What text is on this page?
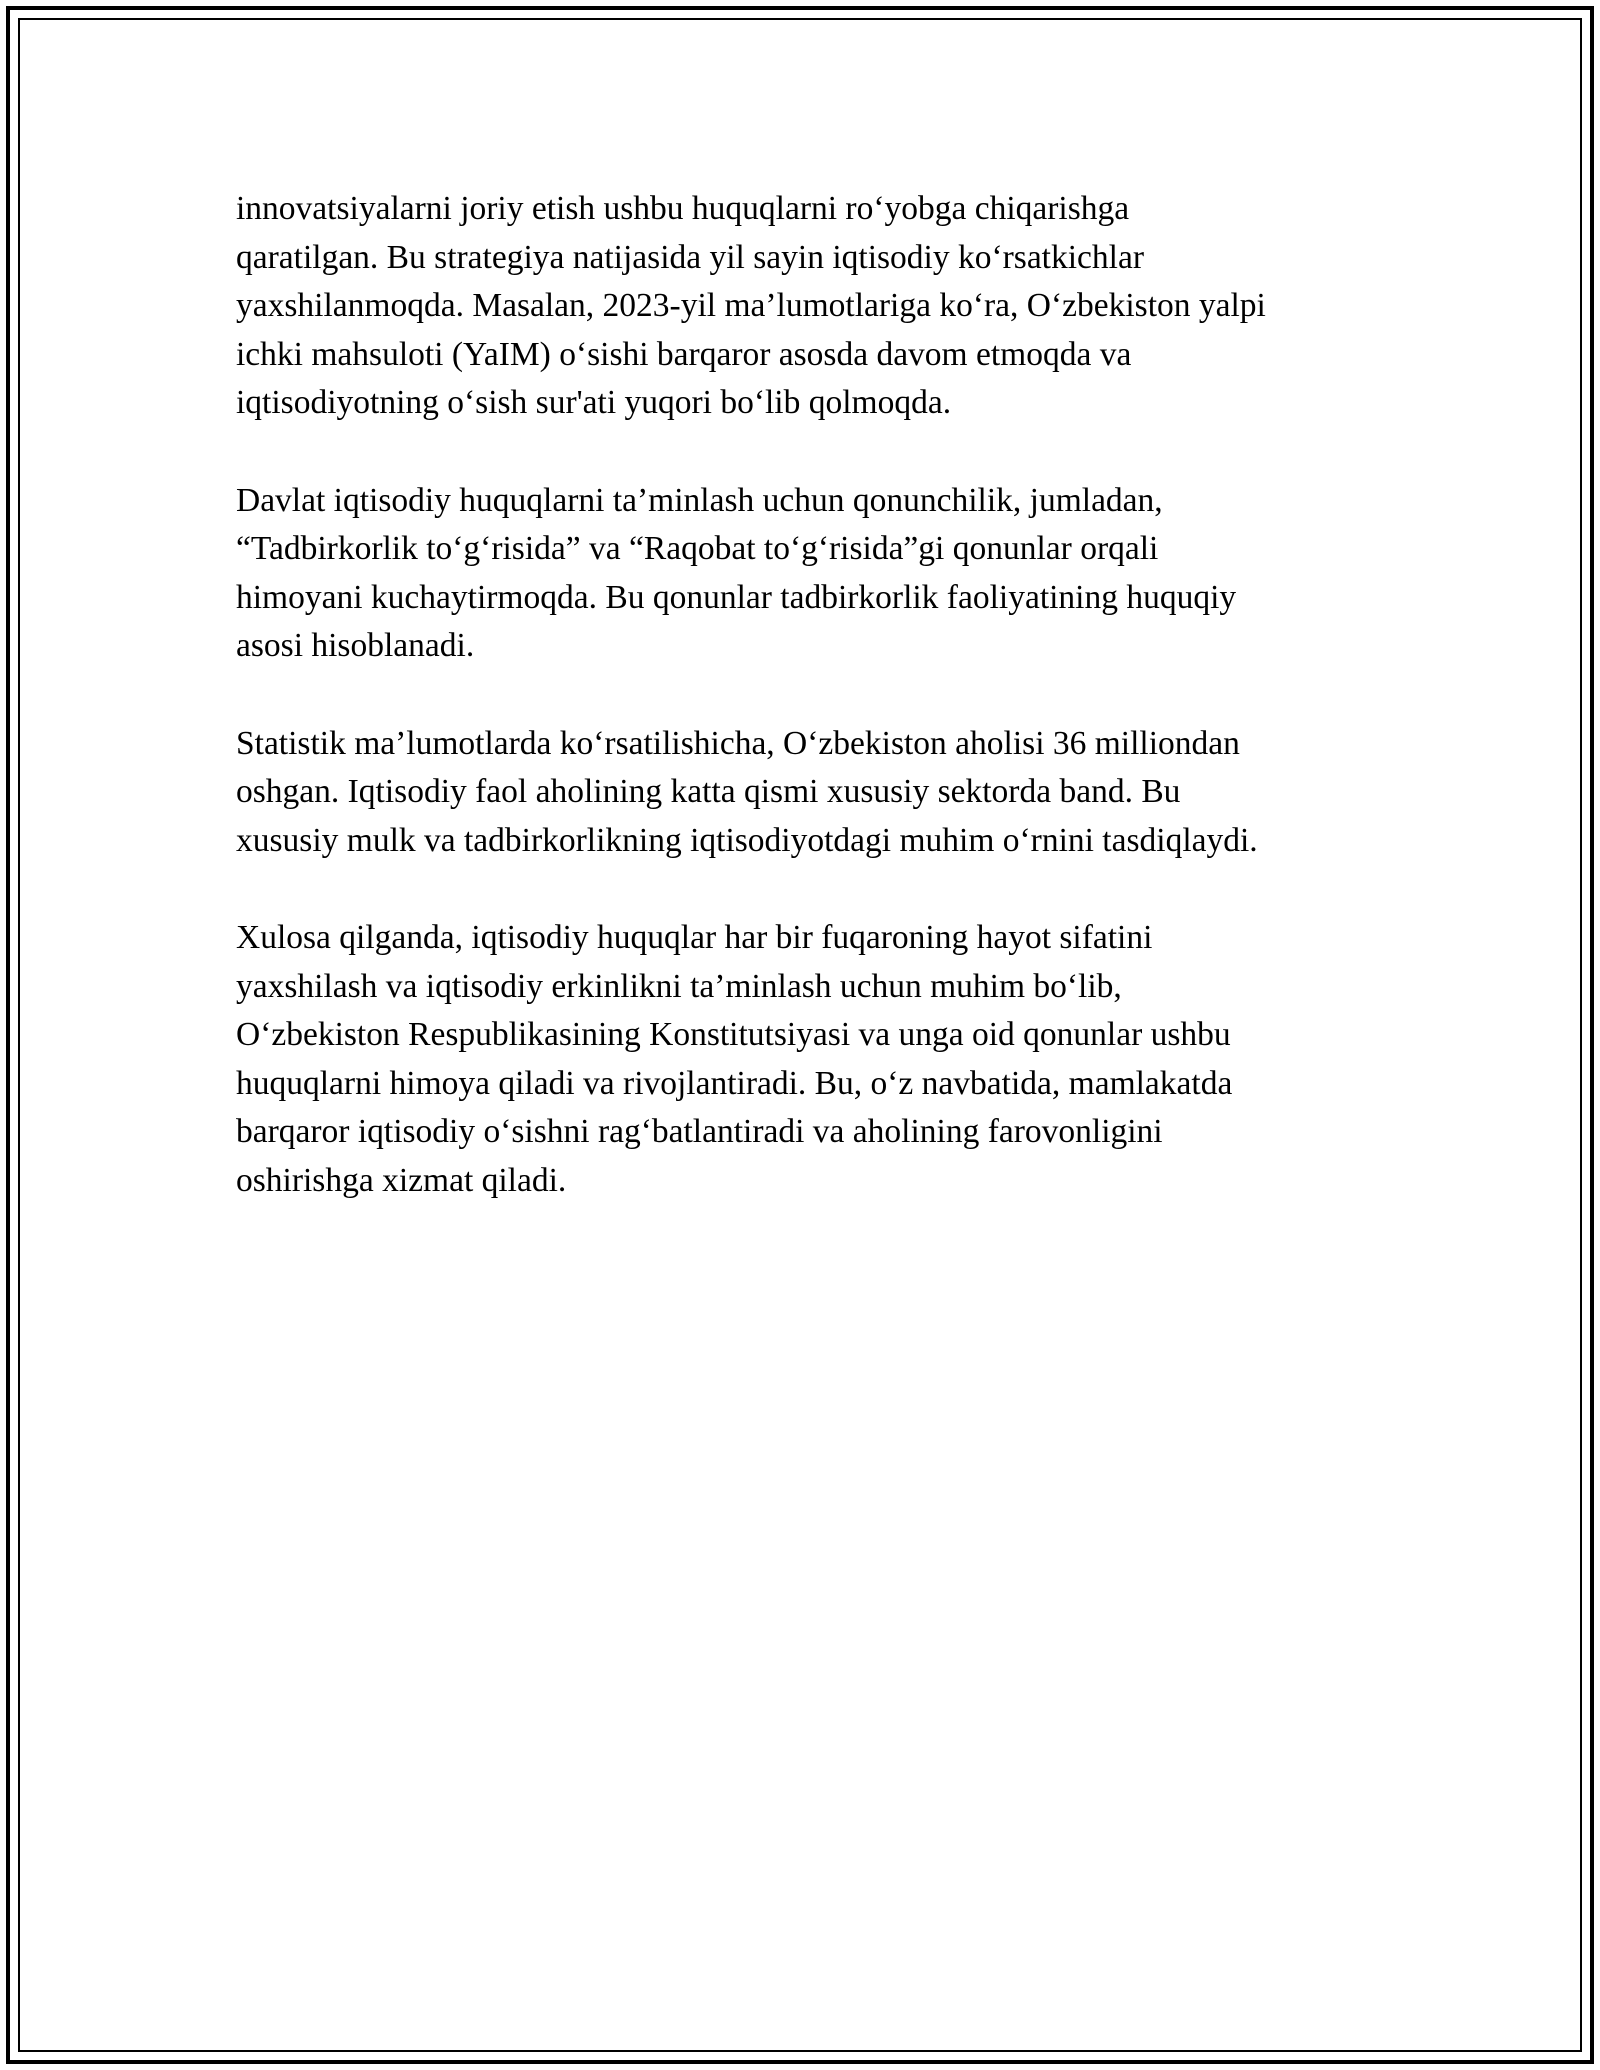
innovatsiyalarni joriy etish ushbu huquqlarni ro‘yobga chiqarishga
qaratilgan. Bu strategiya natijasida yil sayin iqtisodiy ko‘rsatkichlar
yaxshilanmoqda. Masalan, 2023-yil ma’lumotlariga ko‘ra, O‘zbekiston yalpi
ichki mahsuloti (YaIM) o‘sishi barqaror asosda davom etmoqda va
iqtisodiyotning o‘sish sur'ati yuqori bo‘lib qolmoqda.

Davlat iqtisodiy huquqlarni ta’minlash uchun qonunchilik, jumladan,
“Tadbirkorlik to‘g‘risida” va “Raqobat to‘g‘risida”gi qonunlar orqali
himoyani kuchaytirmoqda. Bu qonunlar tadbirkorlik faoliyatining huquqiy
asosi hisoblanadi.

Statistik ma’lumotlarda ko‘rsatilishicha, O‘zbekiston aholisi 36 milliondan
oshgan. Iqtisodiy faol aholining katta qismi xususiy sektorda band. Bu
xususiy mulk va tadbirkorlikning iqtisodiyotdagi muhim o‘rnini tasdiqlaydi.

Xulosa qilganda, iqtisodiy huquqlar har bir fuqaroning hayot sifatini
yaxshilash va iqtisodiy erkinlikni ta’minlash uchun muhim bo‘lib,
O‘zbekiston Respublikasining Konstitutsiyasi va unga oid qonunlar ushbu
huquqlarni himoya qiladi va rivojlantiradi. Bu, o‘z navbatida, mamlakatda
barqaror iqtisodiy o‘sishni rag‘batlantiradi va aholining farovonligini
oshirishga xizmat qiladi.
